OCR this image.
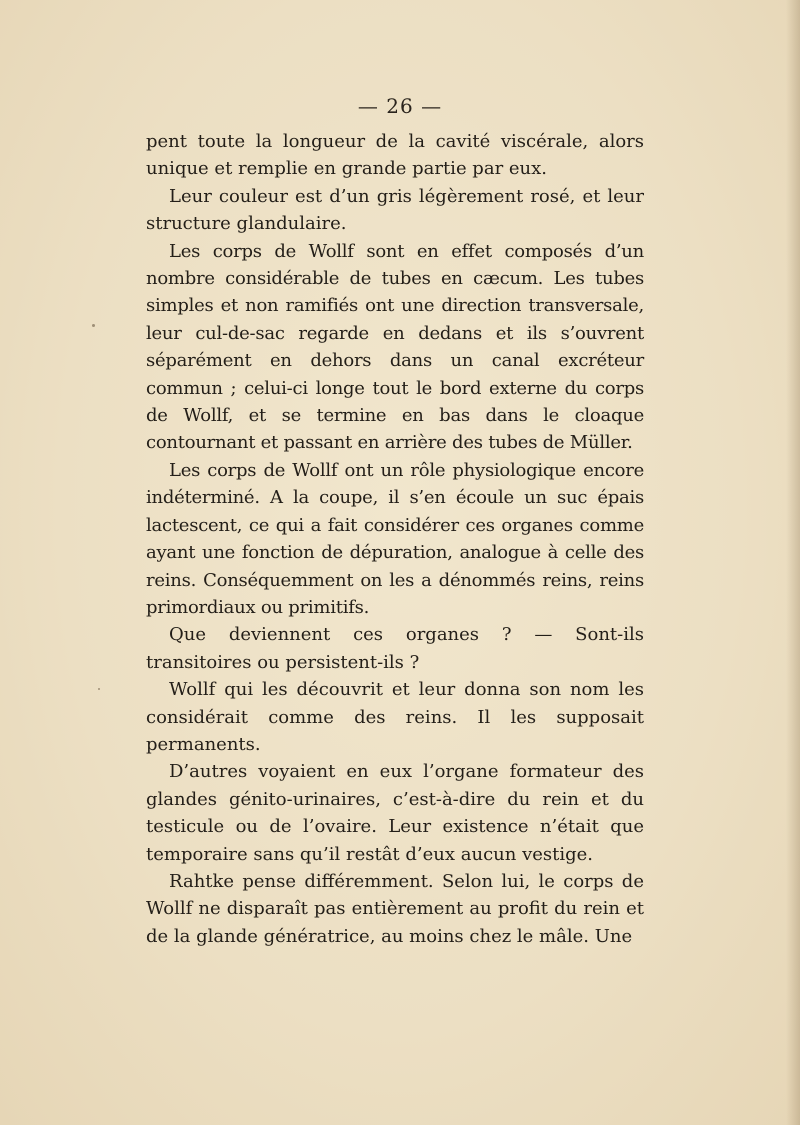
— 26 —

pent toute la longueur de la cavité viscérale, alors unique et remplie en grande partie par eux.

Leur couleur est d’un gris légèrement rosé, et leur structure glandulaire.

Les corps de Wollf sont en effet composés d’un nombre considérable de tubes en cæcum. Les tubes simples et non ramifiés ont une direction transversale, leur cul-de-sac regarde en dedans et ils s’ouvrent séparément en dehors dans un canal excréteur commun ; celui-ci longe tout le bord externe du corps de Wollf, et se termine en bas dans le cloaque contournant et passant en arrière des tubes de Müller.

Les corps de Wollf ont un rôle physiologique encore indéterminé. A la coupe, il s’en écoule un suc épais lactescent, ce qui a fait considérer ces organes comme ayant une fonction de dépuration, analogue à celle des reins. Conséquemment on les a dénommés reins, reins primordiaux ou primitifs.

Que deviennent ces organes ? — Sont-ils transitoires ou persistent-ils ?

Wollf qui les découvrit et leur donna son nom les considérait comme des reins. Il les supposait permanents.

D’autres voyaient en eux l’organe formateur des glandes génito-urinaires, c’est-à-dire du rein et du testicule ou de l’ovaire. Leur existence n’était que temporaire sans qu’il restât d’eux aucun vestige.

Rahtke pense différemment. Selon lui, le corps de Wollf ne disparaît pas entièrement au profit du rein et de la glande génératrice, au moins chez le mâle. Une
